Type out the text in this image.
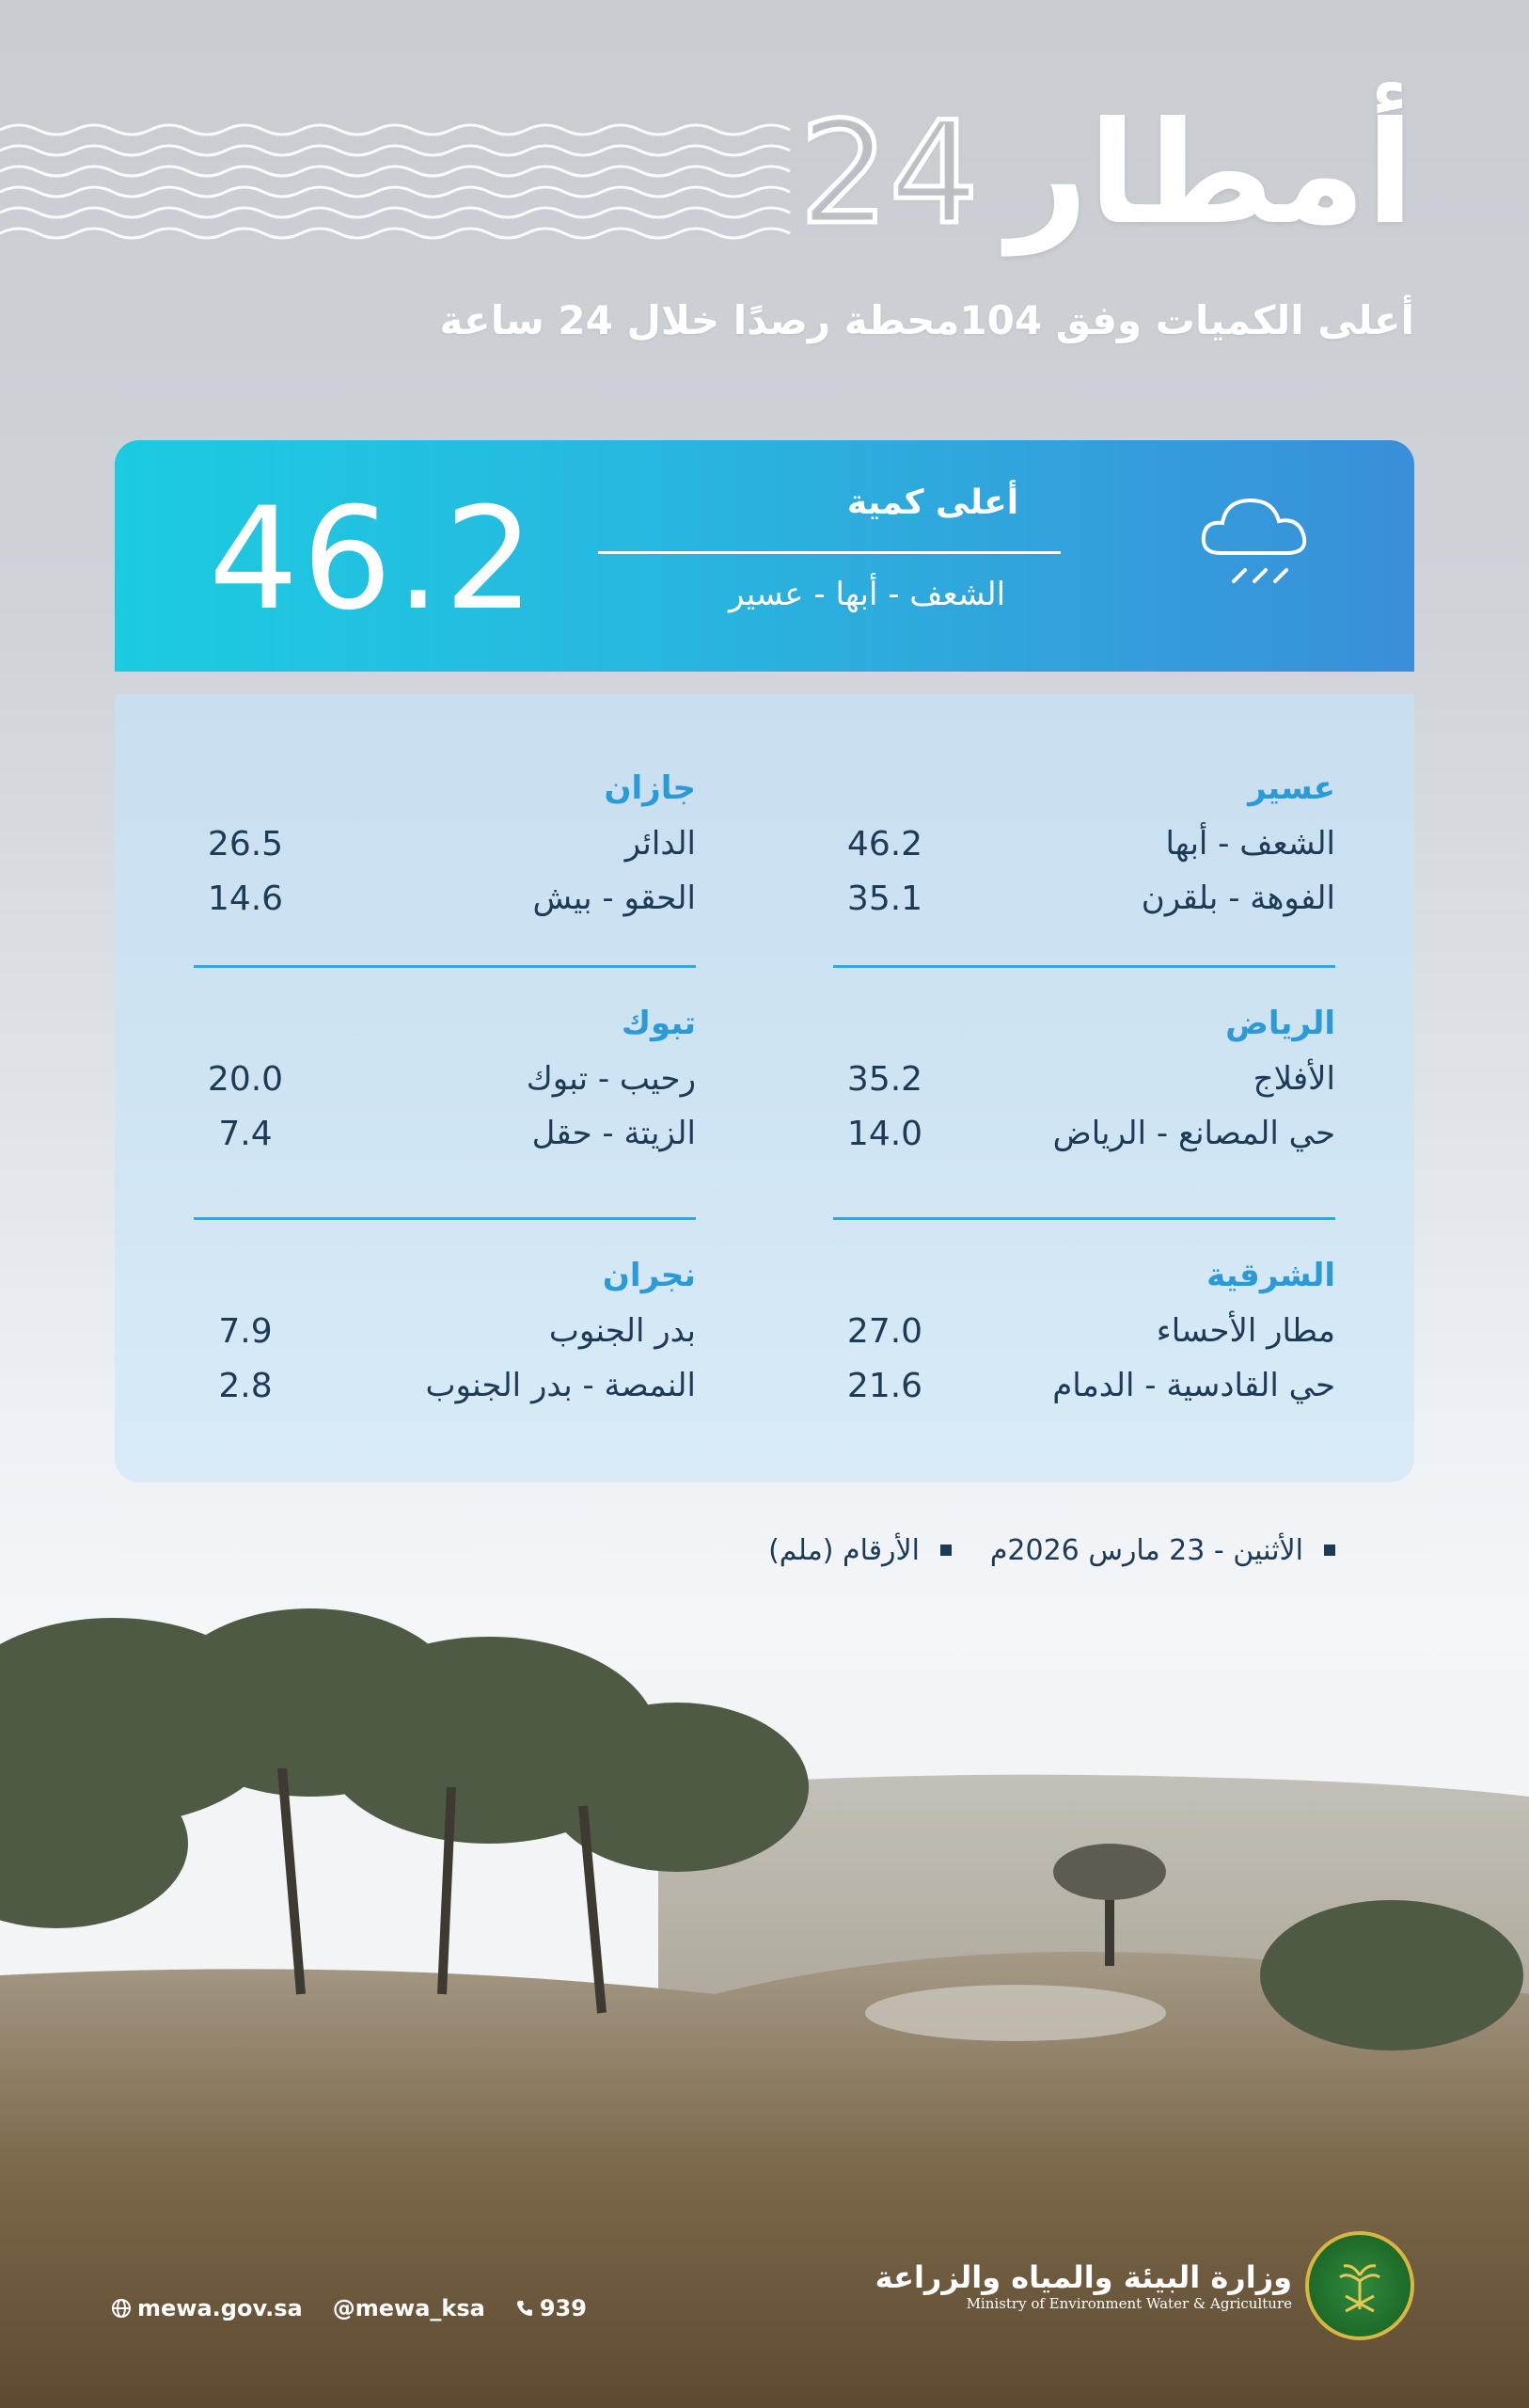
أمطار
24
أعلى الكميات وفق 104محطة رصدًا خلال 24 ساعة
46.2	أعلى كمية
الشعف - أبها - عسير
عسير
الشعف - أبها
46.2
الفوهة - بلقرن
35.1
الرياض
الأفلاج
35.2
حي المصانع - الرياض
14.0
الشرقية
مطار الأحساء
27.0
حي القادسية - الدمام
21.6
جازان
الدائر
26.5
الحقو - بيش
14.6
تبوك
رحيب - تبوك
20.0
الزيتة - حقل
7.4
نجران
بدر الجنوب
7.9
النمصة - بدر الجنوب
2.8
الأثنين - 23 مارس 2026م
الأرقام (ملم)
وزارة البيئة والمياه والزراعة
Ministry of Environment Water & Agriculture
mewa.gov.sa @mewa_ksa 939
